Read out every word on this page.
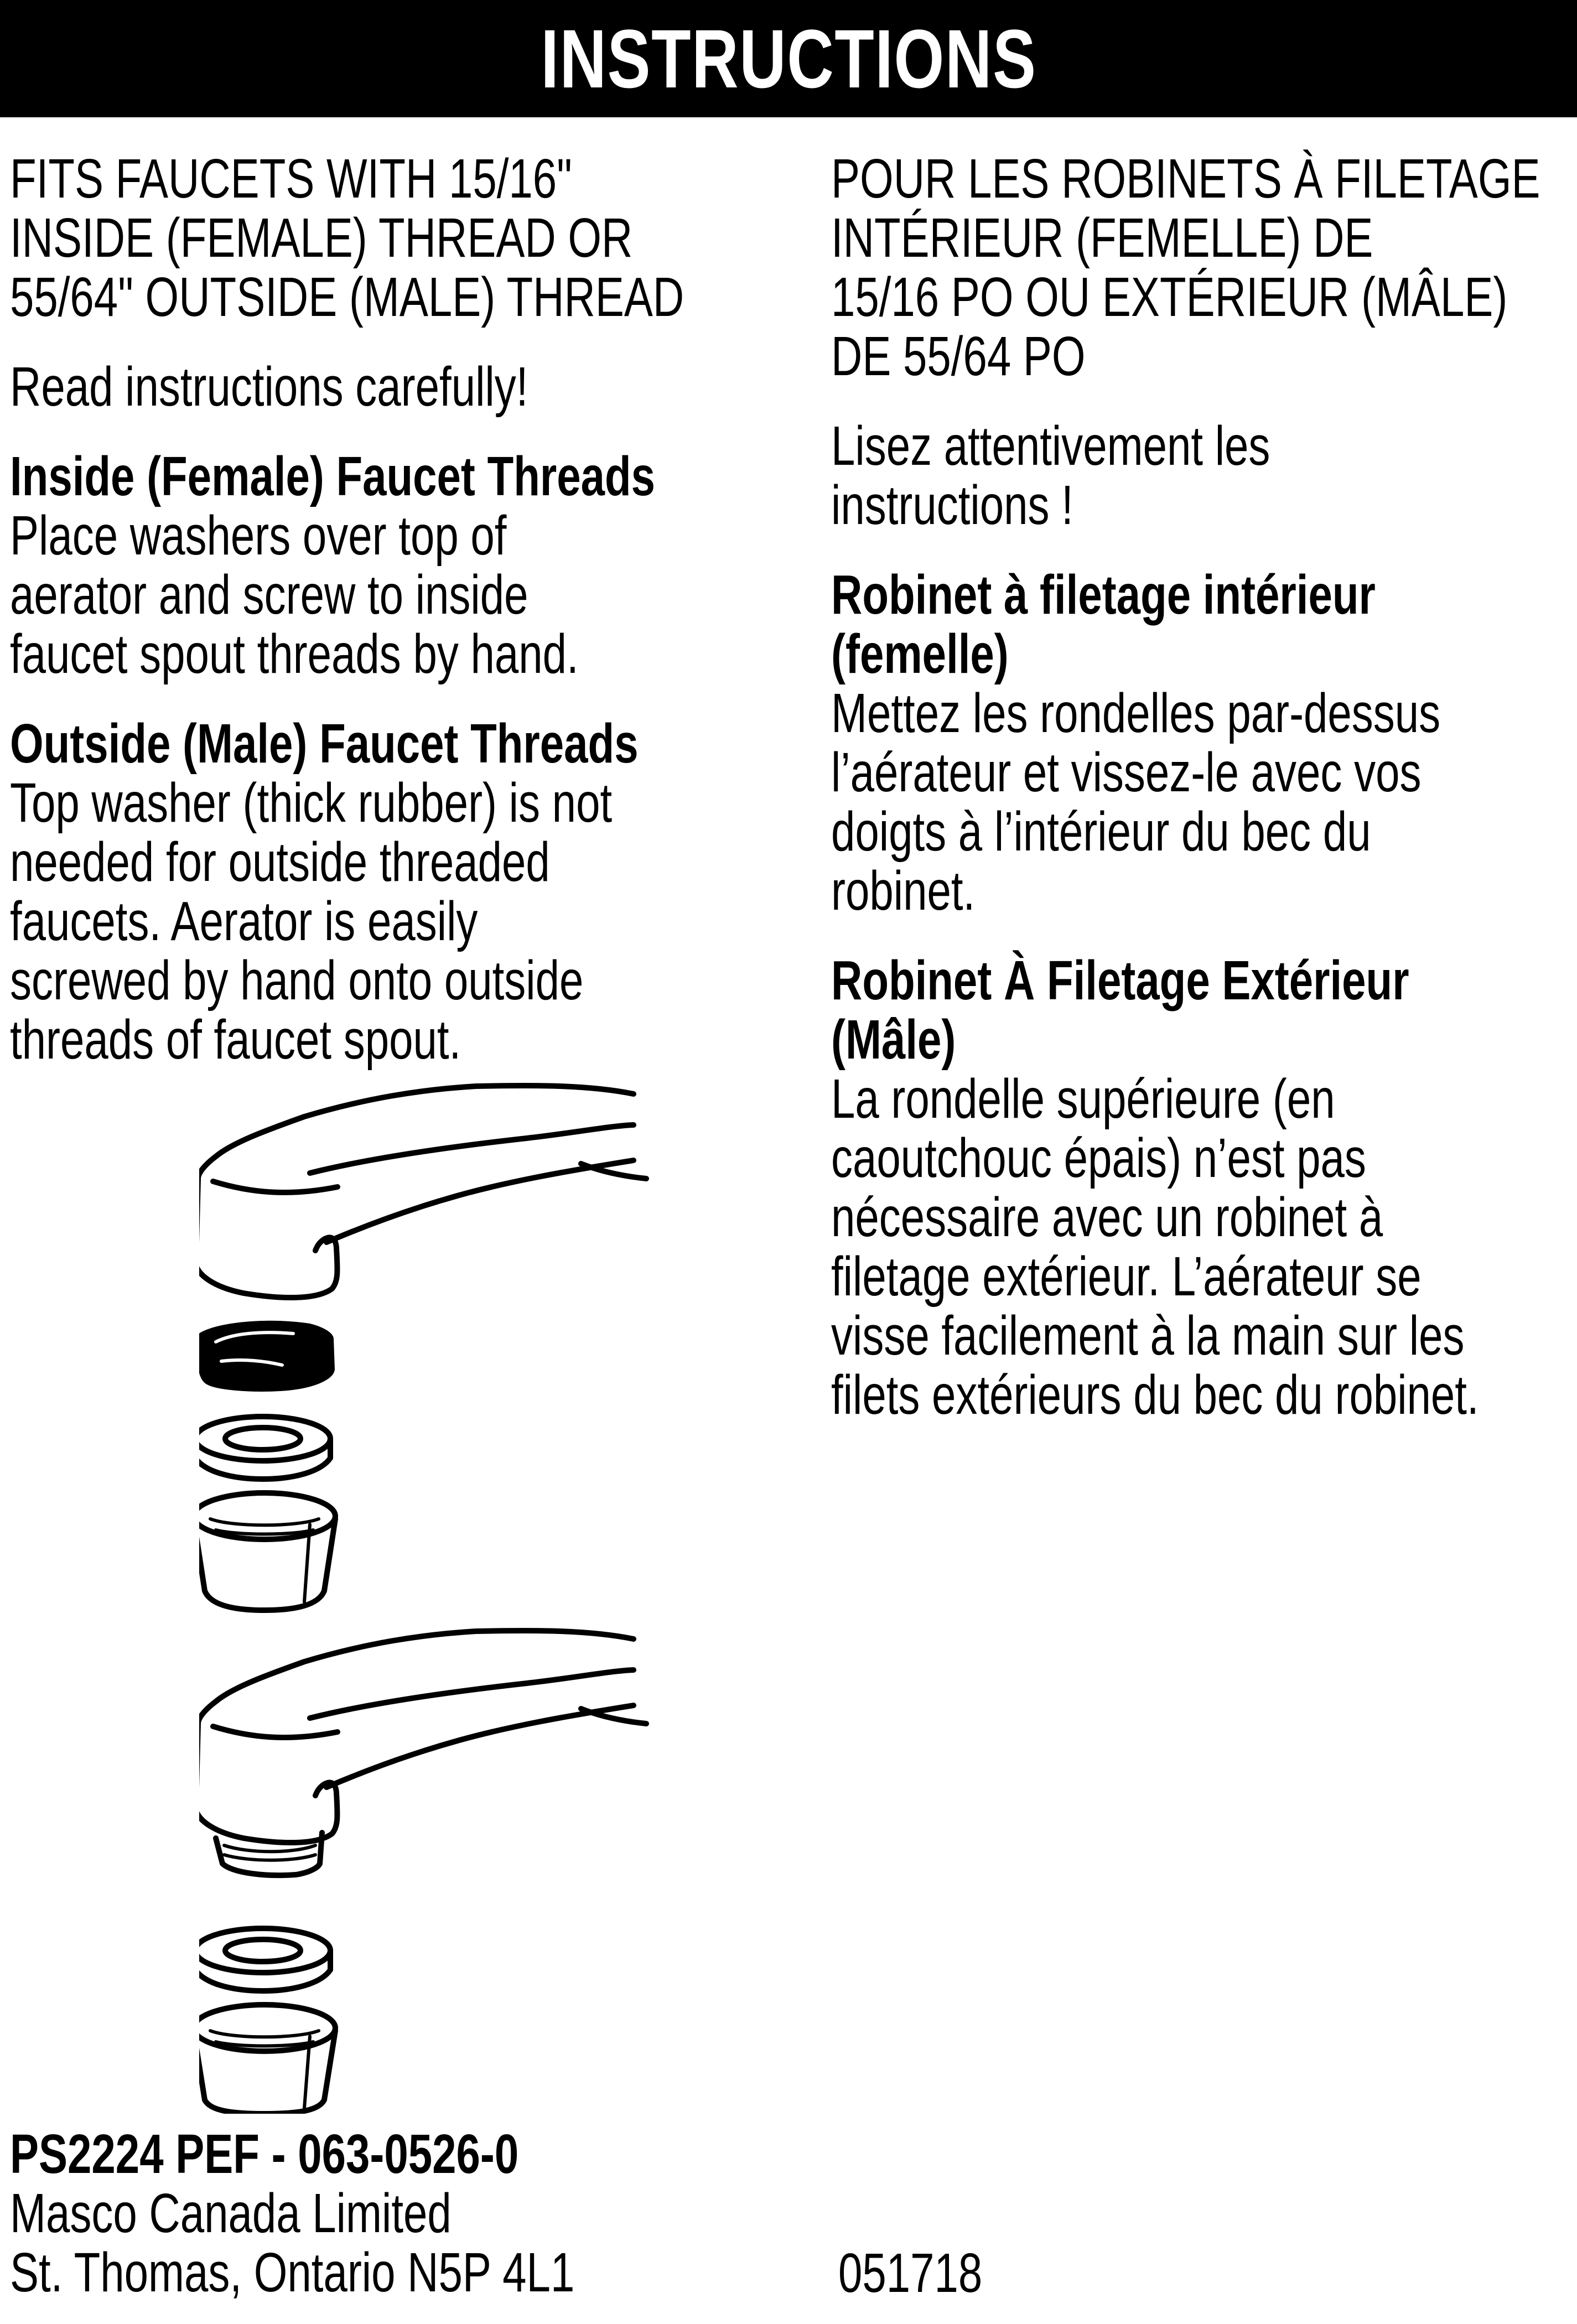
INSTRUCTIONS
FITS FAUCETS WITH 15/16"
INSIDE (FEMALE) THREAD OR
55/64" OUTSIDE (MALE) THREAD
Read instructions carefully!
Inside (Female) Faucet Threads
Place washers over top of
aerator and screw to inside
faucet spout threads by hand.
Outside (Male) Faucet Threads
Top washer (thick rubber) is not
needed for outside threaded
faucets. Aerator is easily
screwed by hand onto outside
threads of faucet spout.
POUR LES ROBINETS À FILETAGE
INTÉRIEUR (FEMELLE) DE
15/16 PO OU EXTÉRIEUR (MÂLE)
DE 55/64 PO
Lisez attentivement les
instructions !
Robinet à filetage intérieur
(femelle)
Mettez les rondelles par-dessus
l’aérateur et vissez-le avec vos
doigts à l’intérieur du bec du
robinet.
Robinet À Filetage Extérieur
(Mâle)
La rondelle supérieure (en
caoutchouc épais) n’est pas
nécessaire avec un robinet à
filetage extérieur. L’aérateur se
visse facilement à la main sur les
filets extérieurs du bec du robinet.
PS2224 PEF - 063-0526-0
Masco Canada Limited
St. Thomas, Ontario N5P 4L1	051718
